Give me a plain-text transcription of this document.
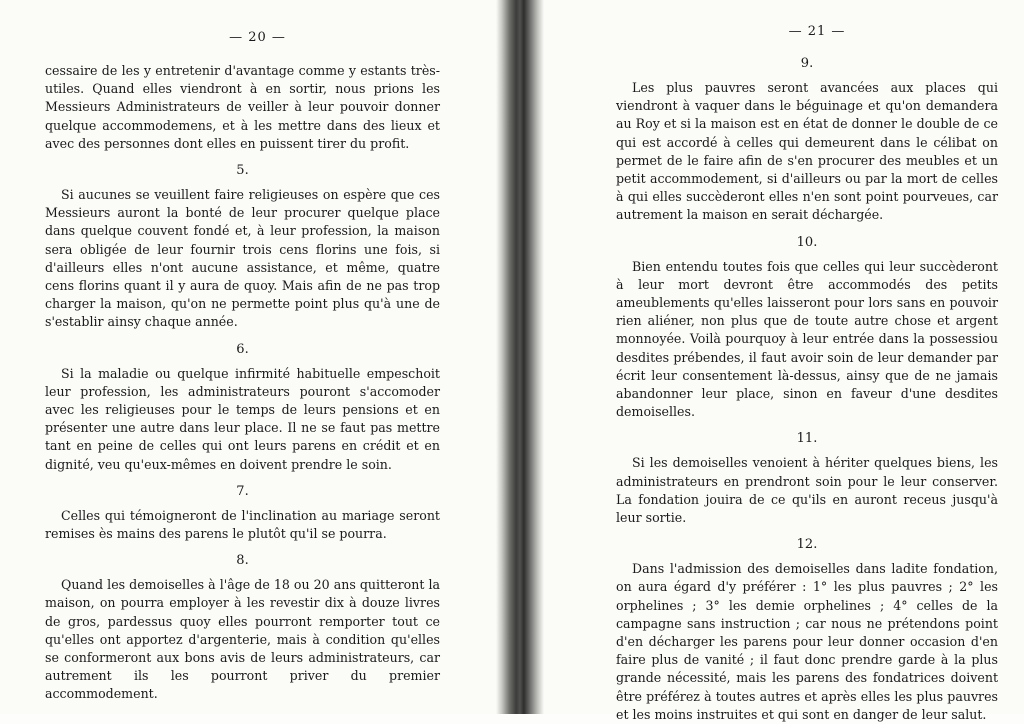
— 20 —

cessaire de les y entretenir d'avantage comme y estants très-utiles. Quand elles viendront à en sortir, nous prions les Messieurs Administrateurs de veiller à leur pouvoir donner quelque accommodemens, et à les mettre dans des lieux et avec des personnes dont elles en puissent tirer du profit.

5.

Si aucunes se veuillent faire religieuses on espère que ces Messieurs auront la bonté de leur procurer quelque place dans quelque couvent fondé et, à leur profession, la maison sera obligée de leur fournir trois cens florins une fois, si d'ailleurs elles n'ont aucune assistance, et même, quatre cens florins quant il y aura de quoy. Mais afin de ne pas trop charger la maison, qu'on ne permette point plus qu'à une de s'establir ainsy chaque année.

6.

Si la maladie ou quelque infirmité habituelle empeschoit leur profession, les administrateurs pouront s'accomoder avec les religieuses pour le temps de leurs pensions et en présenter une autre dans leur place. Il ne se faut pas mettre tant en peine de celles qui ont leurs parens en crédit et en dignité, veu qu'eux-mêmes en doivent prendre le soin.

7.

Celles qui témoigneront de l'inclination au mariage seront remises ès mains des parens le plutôt qu'il se pourra.

8.

Quand les demoiselles à l'âge de 18 ou 20 ans quitteront la maison, on pourra employer à les revestir dix à douze livres de gros, pardessus quoy elles pourront remporter tout ce qu'elles ont apportez d'argenterie, mais à condition qu'elles se conformeront aux bons avis de leurs administrateurs, car autrement ils les pourront priver du premier accommodement.

— 21 —
9.

Les plus pauvres seront avancées aux places qui viendront à vaquer dans le béguinage et qu'on demandera au Roy et si la maison est en état de donner le double de ce qui est accordé à celles qui demeurent dans le célibat on permet de le faire afin de s'en procurer des meubles et un petit accommodement, si d'ailleurs ou par la mort de celles à qui elles succèderont elles n'en sont point pourveues, car autrement la maison en serait déchargée.

10.

Bien entendu toutes fois que celles qui leur succèderont à leur mort devront être accommodés des petits ameublements qu'elles laisseront pour lors sans en pouvoir rien aliéner, non plus que de toute autre chose et argent monnoyée. Voilà pourquoy à leur entrée dans la possessiou desdites prébendes, il faut avoir soin de leur demander par écrit leur consentement là-dessus, ainsy que de ne jamais abandonner leur place, sinon en faveur d'une desdites demoiselles.

11.

Si les demoiselles venoient à hériter quelques biens, les administrateurs en prendront soin pour le leur conserver. La fondation jouira de ce qu'ils en auront receus jusqu'à leur sortie.

12.

Dans l'admission des demoiselles dans ladite fondation, on aura égard d'y préférer : 1° les plus pauvres ; 2° les orphelines ; 3° les demie orphelines ; 4° celles de la campagne sans instruction ; car nous ne prétendons point d'en décharger les parens pour leur donner occasion d'en faire plus de vanité ; il faut donc prendre garde à la plus grande nécessité, mais les parens des fondatrices doivent être préférez à toutes autres et après elles les plus pauvres et les moins instruites et qui sont en danger de leur salut.
